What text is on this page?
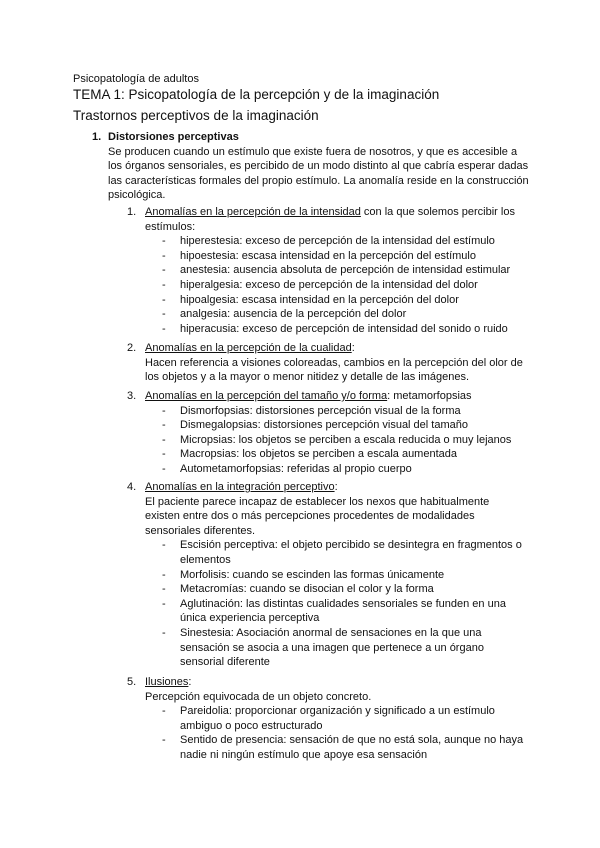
Psicopatología de adultos
TEMA 1: Psicopatología de la percepción y de la imaginación
Trastornos perceptivos de la imaginación
1. Distorsiones perceptivas
Se producen cuando un estímulo que existe fuera de nosotros, y que es accesible a los órganos sensoriales, es percibido de un modo distinto al que cabría esperar dadas las características formales del propio estímulo. La anomalía reside en la construcción psicológica.
1. Anomalías en la percepción de la intensidad con la que solemos percibir los estímulos:
-	hiperestesia: exceso de percepción de la intensidad del estímulo
-	hipoestesia: escasa intensidad en la percepción del estímulo
-	anestesia: ausencia absoluta de percepción de intensidad estimular
-	hiperalgesia: exceso de percepción de la intensidad del dolor
-	hipoalgesia: escasa intensidad en la percepción del dolor
-	analgesia: ausencia de la percepción del dolor
-	hiperacusia: exceso de percepción de intensidad del sonido o ruido
2. Anomalías en la percepción de la cualidad:
Hacen referencia a visiones coloreadas, cambios en la percepción del olor de los objetos y a la mayor o menor nitidez y detalle de las imágenes.
3. Anomalías en la percepción del tamaño y/o forma: metamorfopsias
-	Dismorfopsias: distorsiones percepción visual de la forma
-	Dismegalopsias: distorsiones percepción visual del tamaño
-	Micropsias: los objetos se perciben a escala reducida o muy lejanos
-	Macropsias: los objetos se perciben a escala aumentada
-	Autometamorfopsias: referidas al propio cuerpo
4. Anomalías en la integración perceptivo:
El paciente parece incapaz de establecer los nexos que habitualmente existen entre dos o más percepciones procedentes de modalidades sensoriales diferentes.
-	Escisión perceptiva: el objeto percibido se desintegra en fragmentos o elementos
-	Morfolisis: cuando se escinden las formas únicamente
-	Metacromías: cuando se disocian el color y la forma
-	Aglutinación: las distintas cualidades sensoriales se funden en una única experiencia perceptiva
-	Sinestesia: Asociación anormal de sensaciones en la que una sensación se asocia a una imagen que pertenece a un órgano sensorial diferente
5. Ilusiones:
Percepción equivocada de un objeto concreto.
-	Pareidolia: proporcionar organización y significado a un estímulo ambiguo o poco estructurado
-	Sentido de presencia: sensación de que no está sola, aunque no haya nadie ni ningún estímulo que apoye esa sensación
